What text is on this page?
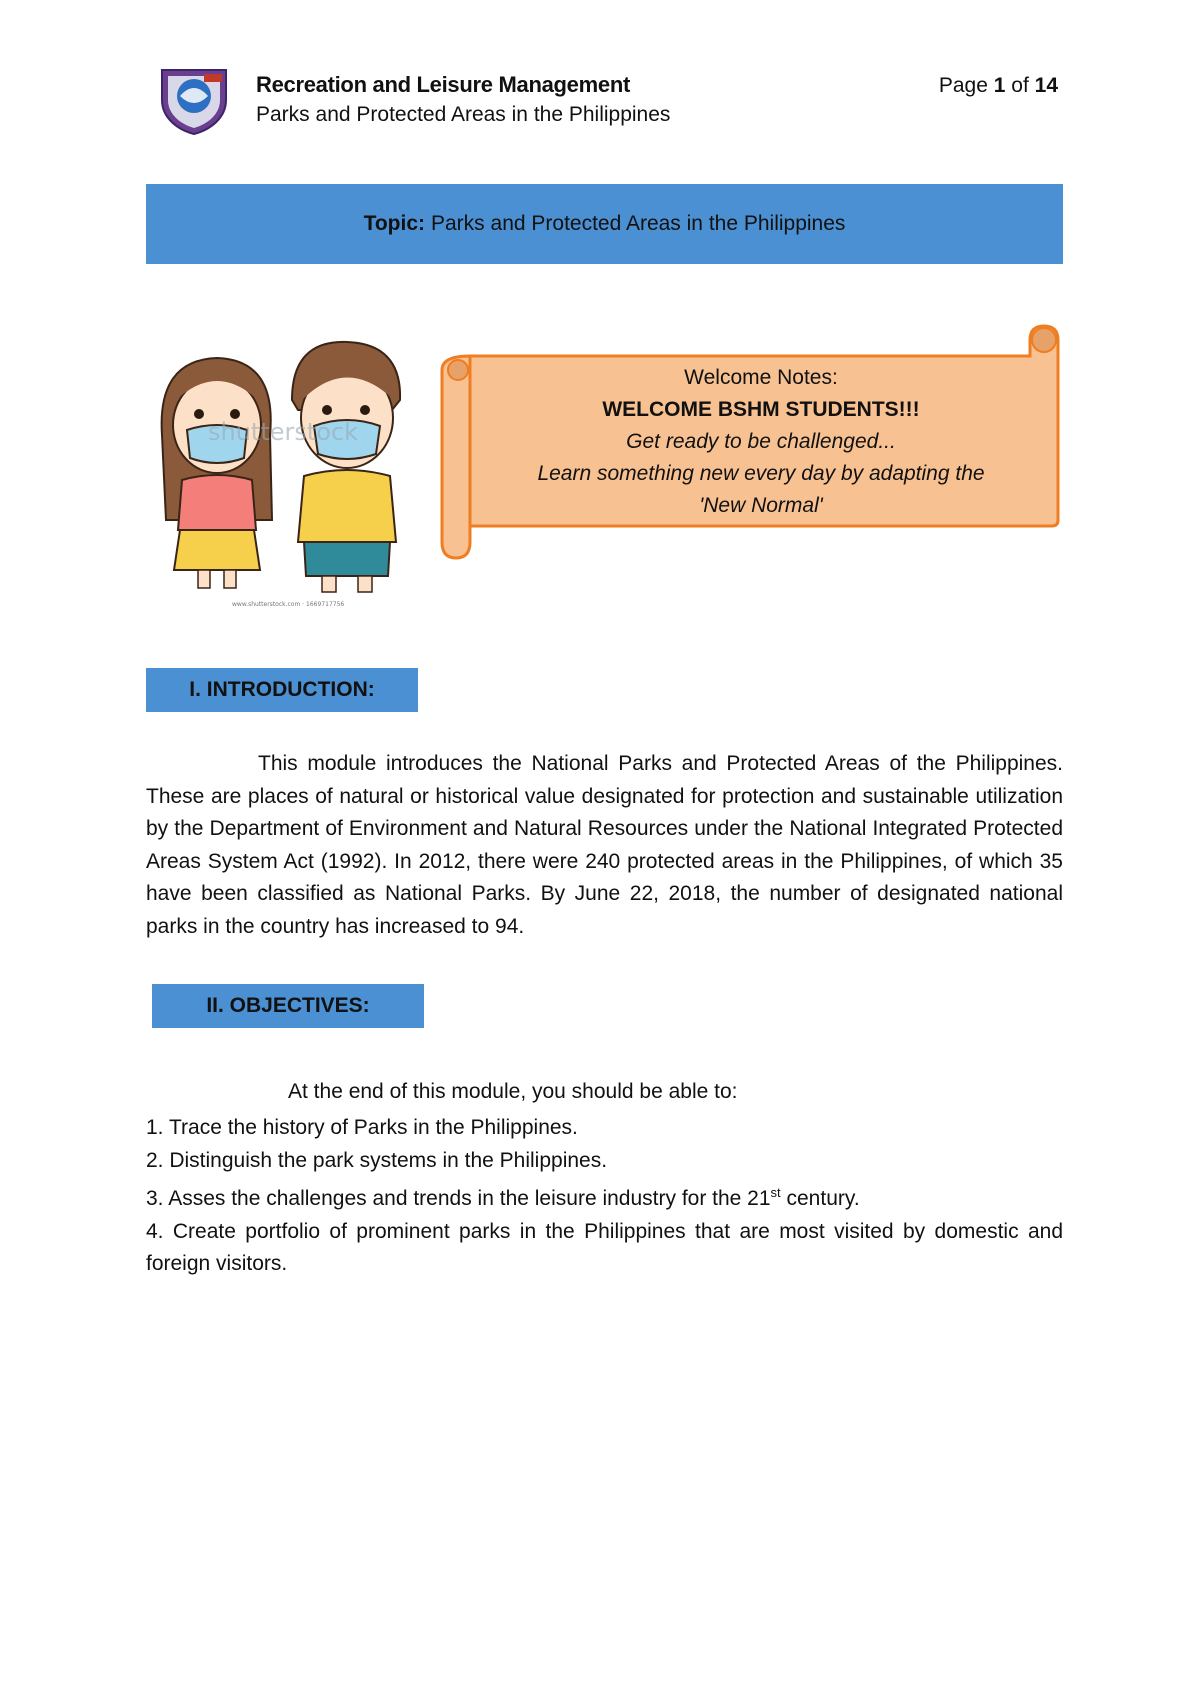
Recreation and Leisure Management
Parks and Protected Areas in the Philippines
Page 1 of 14
Topic: Parks and Protected Areas in the Philippines
shutterstock
www.shutterstock.com · 1669717756
Welcome Notes:
WELCOME BSHM STUDENTS!!!
Get ready to be challenged...
Learn something new every day by adapting the
'New Normal'
I. INTRODUCTION:
This module introduces the National Parks and Protected Areas of the Philippines. These are places of natural or historical value designated for protection and sustainable utilization by the Department of Environment and Natural Resources under the National Integrated Protected Areas System Act (1992). In 2012, there were 240 protected areas in the Philippines, of which 35 have been classified as National Parks. By June 22, 2018, the number of designated national parks in the country has increased to 94.
II. OBJECTIVES:
At the end of this module, you should be able to:
1. Trace the history of Parks in the Philippines.
2. Distinguish the park systems in the Philippines.
3. Asses the challenges and trends in the leisure industry for the 21st century.
4. Create portfolio of prominent parks in the Philippines that are most visited by domestic and foreign visitors.
